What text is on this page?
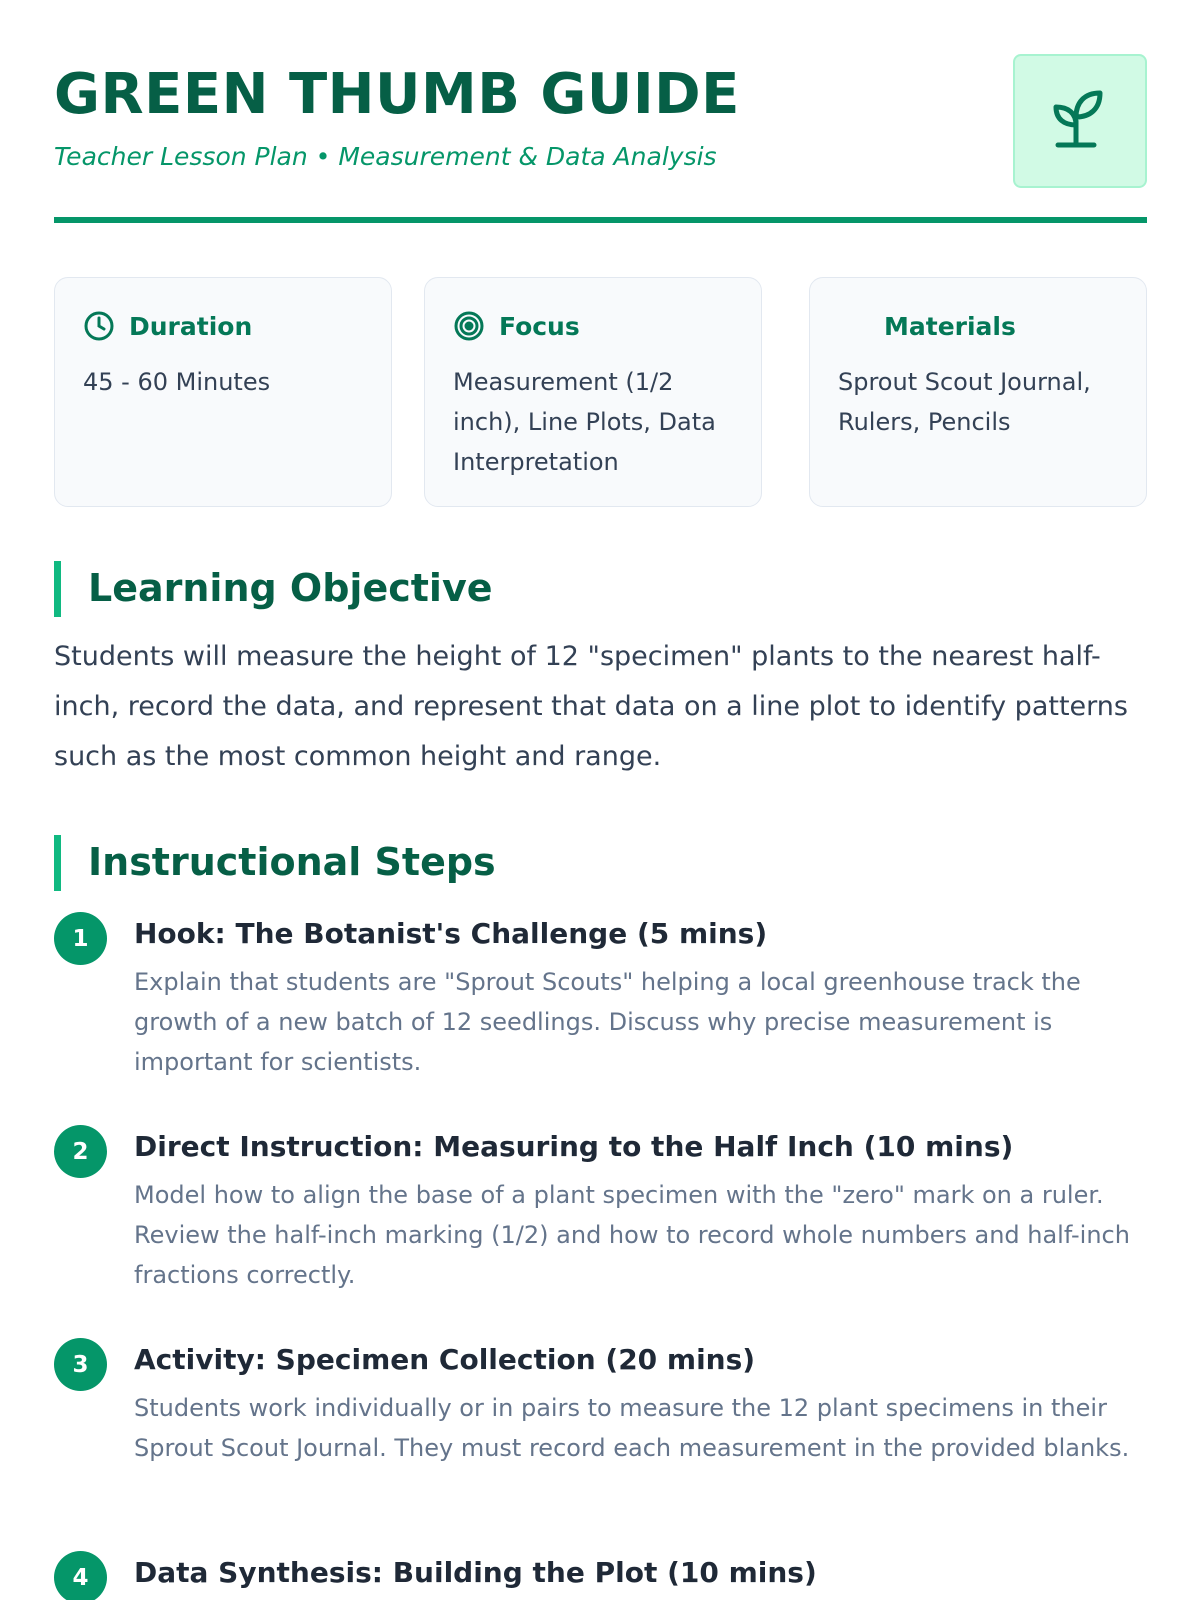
GREEN THUMB GUIDE

Teacher Lesson Plan • Measurement & Data Analysis

Duration
45 - 60 Minutes
Focus
Measurement (1/2 inch), Line Plots, Data Interpretation
Materials
Sprout Scout Journal, Rulers, Pencils
Learning Objective

Students will measure the height of 12 "specimen" plants to the nearest half-inch, record the data, and represent that data on a line plot to identify patterns such as the most common height and range.

Instructional Steps
1	Hook: The Botanist's Challenge (5 mins)

Explain that students are "Sprout Scouts" helping a local greenhouse track the growth of a new batch of 12 seedlings. Discuss why precise measurement is important for scientists.

2	Direct Instruction: Measuring to the Half Inch (10 mins)

Model how to align the base of a plant specimen with the "zero" mark on a ruler. Review the half-inch marking (1/2) and how to record whole numbers and half-inch fractions correctly.

3	Activity: Specimen Collection (20 mins)

Students work individually or in pairs to measure the 12 plant specimens in their Sprout Scout Journal. They must record each measurement in the provided blanks.

4	Data Synthesis: Building the Plot (10 mins)
